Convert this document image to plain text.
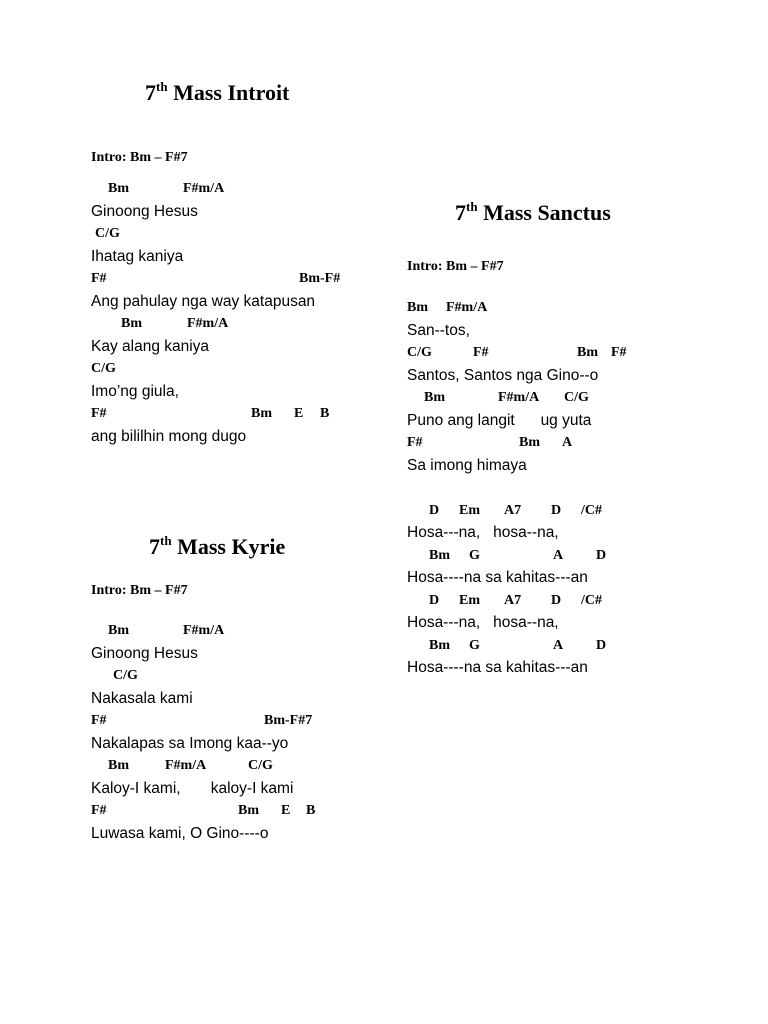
7th Mass Introit
7th Mass Sanctus
7th Mass Kyrie
Intro: Bm – F#7
Intro: Bm – F#7
Intro: Bm – F#7
Bm	F#m/A
Ginoong Hesus
C/G
Ihatag kaniya
F#	Bm-F#
Ang pahulay nga way katapusan
Bm	F#m/A
Kay alang kaniya
C/G
Imo’ng giula,
F#	Bm E B
ang bililhin mong dugo
Bm	F#m/A
Ginoong Hesus
C/G
Nakasala kami
F#	Bm-F#7
Nakalapas sa Imong kaa--yo
Bm	F#m/A	C/G
Kaloy-I kami,       kaloy-I kami
F#	Bm E B
Luwasa kami, O Gino----o
Bm F#m/A
San--tos,
C/G	F#	Bm F#
Santos, Santos nga Gino--o
Bm	F#m/A C/G
Puno ang langit      ug yuta
F#	Bm A
Sa imong himaya
D Em A7 D /C#
Hosa---na,   hosa--na,
Bm G	A D
Hosa----na sa kahitas---an
D Em A7 D /C#
Hosa---na,   hosa--na,
Bm G	A D
Hosa----na sa kahitas---an
